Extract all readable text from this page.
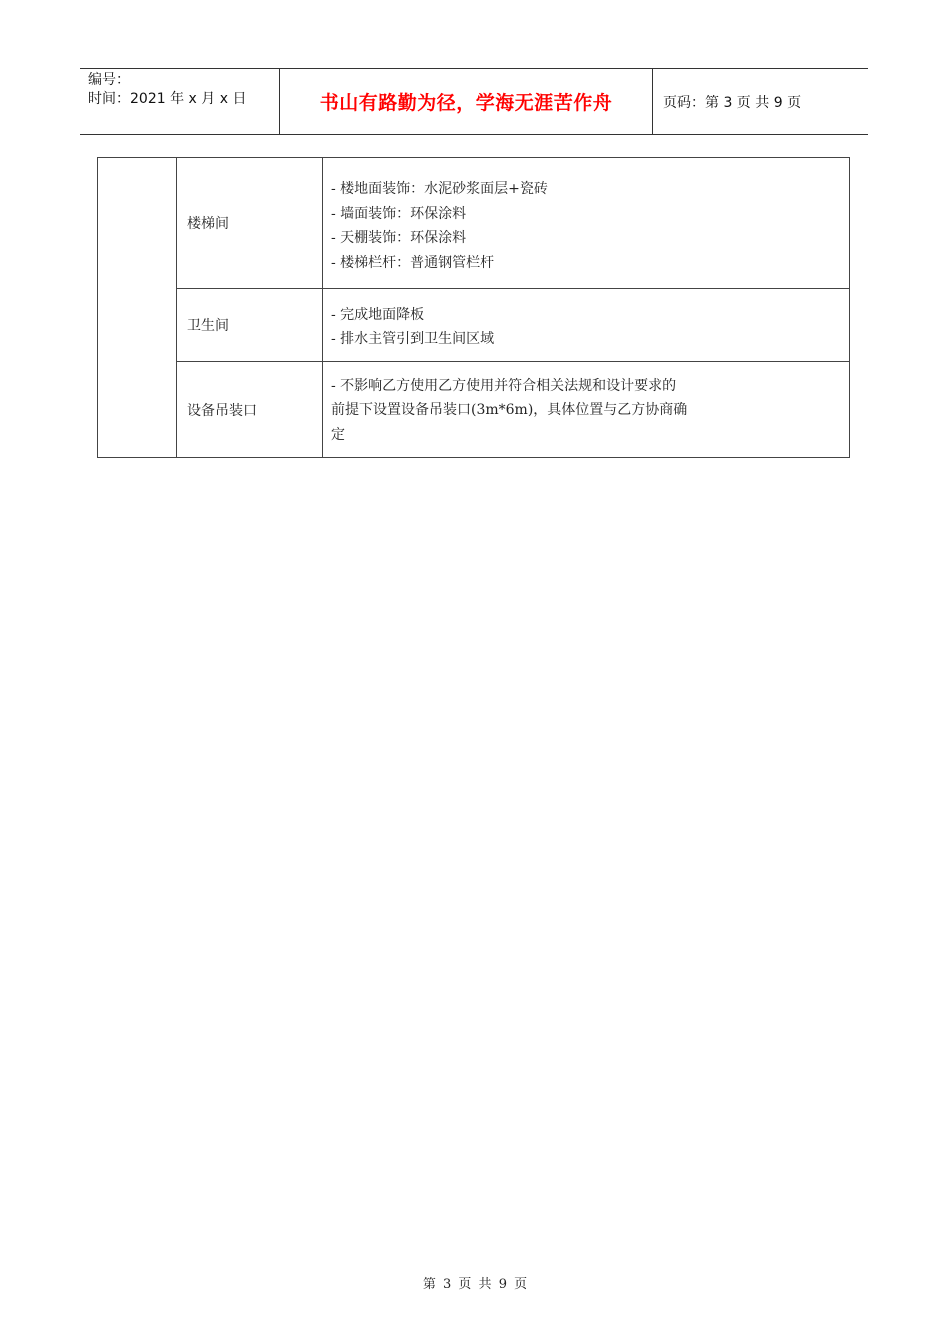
编号：
时间：2021 年 x 月 x 日	书山有路勤为径，学海无涯苦作舟	页码：第 3 页 共 9 页
	楼梯间	- 楼地面装饰：水泥砂浆面层+瓷砖
- 墙面装饰：环保涂料
- 天棚装饰：环保涂料
- 楼梯栏杆：普通钢管栏杆

	卫生间	- 完成地面降板
- 排水主管引到卫生间区域

	设备吊装口	- 不影响乙方使用乙方使用并符合相关法规和设计要求的
前提下设置设备吊装口(3m*6m)，具体位置与乙方协商确
定
第 3 页 共 9 页
